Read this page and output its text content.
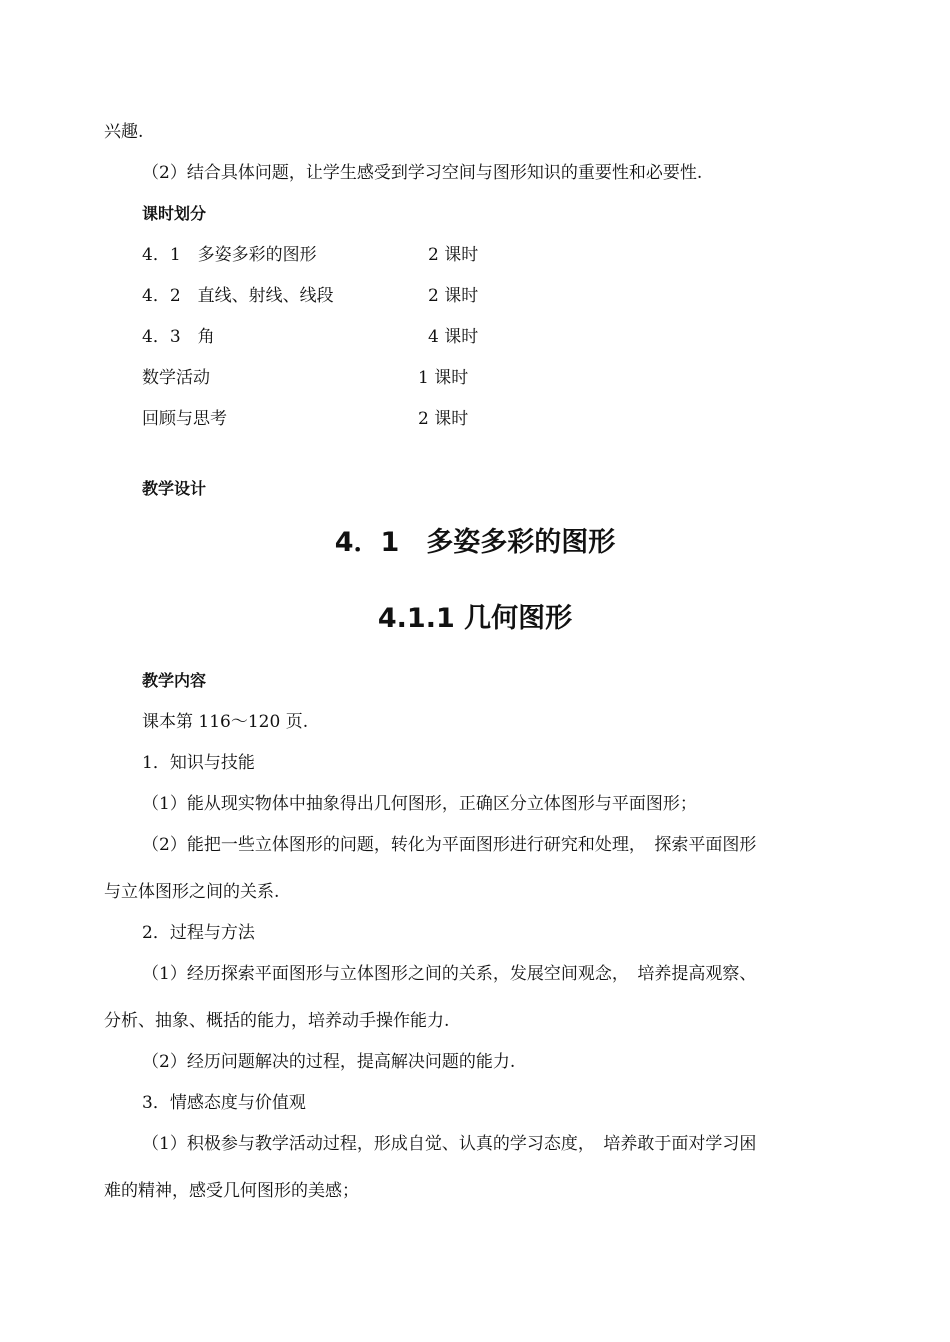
兴趣.
（2）结合具体问题，让学生感受到学习空间与图形知识的重要性和必要性.
课时划分
4．1　多姿多彩的图形	2 课时
4．2　直线、射线、线段	2 课时
4．3　角	4 课时
数学活动	1 课时
回顾与思考	2 课时
教学设计
4．1　多姿多彩的图形
4.1.1 几何图形
教学内容
课本第 116～120 页.
1．知识与技能
（1）能从现实物体中抽象得出几何图形，正确区分立体图形与平面图形；
（2）能把一些立体图形的问题，转化为平面图形进行研究和处理，　探索平面图形
与立体图形之间的关系.
2．过程与方法
（1）经历探索平面图形与立体图形之间的关系，发展空间观念，　培养提高观察、
分析、抽象、概括的能力，培养动手操作能力.
（2）经历问题解决的过程，提高解决问题的能力.
3．情感态度与价值观
（1）积极参与教学活动过程，形成自觉、认真的学习态度，　培养敢于面对学习困
难的精神，感受几何图形的美感；
